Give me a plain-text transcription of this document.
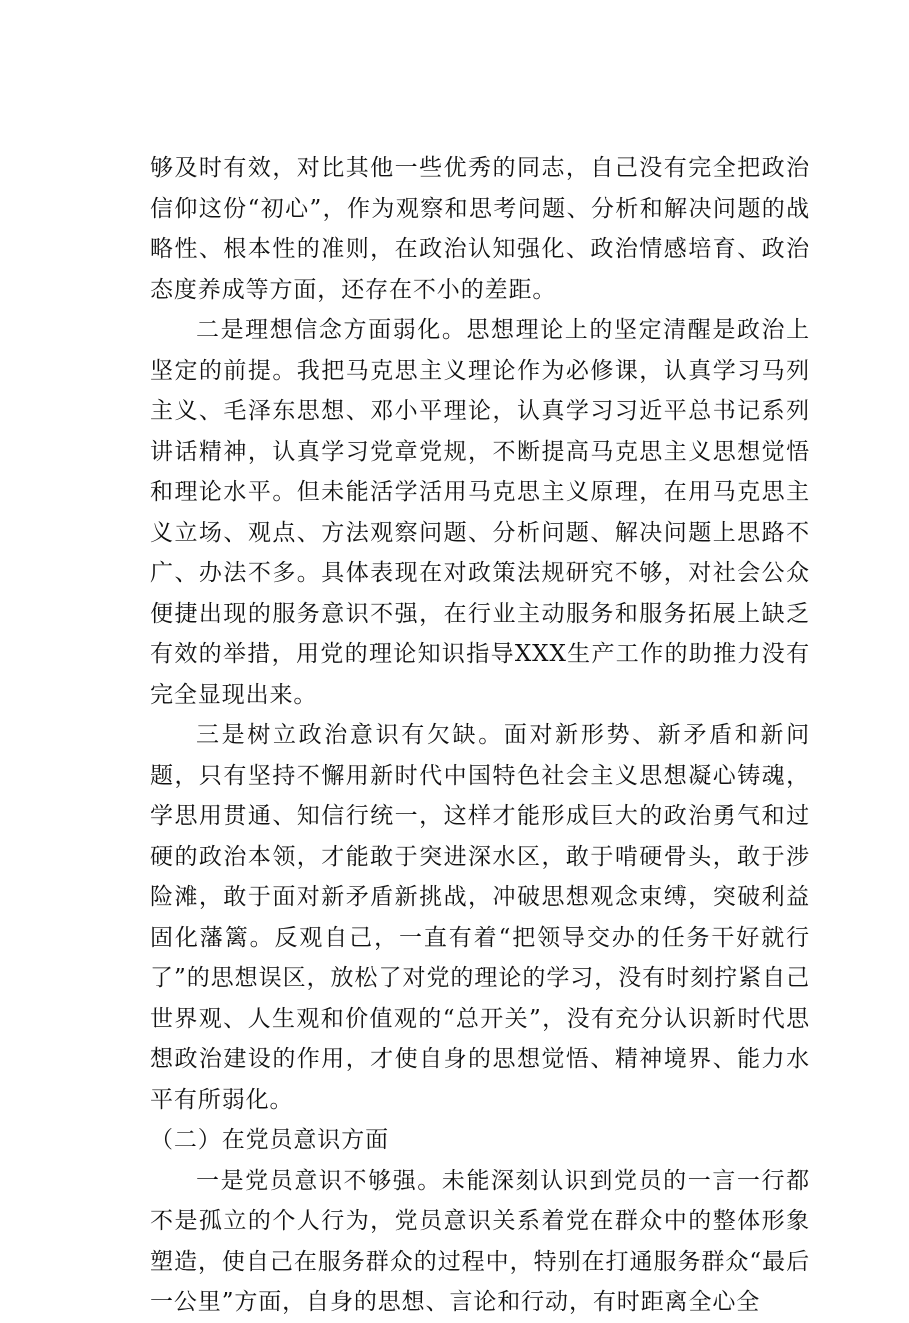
够及时有效，对比其他一些优秀的同志，自己没有完全把政治信仰这份“初心”，作为观察和思考问题、分析和解决问题的战略性、根本性的准则，在政治认知强化、政治情感培育、政治态度养成等方面，还存在不小的差距。

二是理想信念方面弱化。思想理论上的坚定清醒是政治上坚定的前提。我把马克思主义理论作为必修课，认真学习马列主义、毛泽东思想、邓小平理论，认真学习习近平总书记系列讲话精神，认真学习党章党规，不断提高马克思主义思想觉悟和理论水平。但未能活学活用马克思主义原理，在用马克思主义立场、观点、方法观察问题、分析问题、解决问题上思路不广、办法不多。具体表现在对政策法规研究不够，对社会公众便捷出现的服务意识不强，在行业主动服务和服务拓展上缺乏有效的举措，用党的理论知识指导XXX生产工作的助推力没有完全显现出来。

三是树立政治意识有欠缺。面对新形势、新矛盾和新问题，只有坚持不懈用新时代中国特色社会主义思想凝心铸魂，学思用贯通、知信行统一，这样才能形成巨大的政治勇气和过硬的政治本领，才能敢于突进深水区，敢于啃硬骨头，敢于涉险滩，敢于面对新矛盾新挑战，冲破思想观念束缚，突破利益固化藩篱。反观自己，一直有着“把领导交办的任务干好就行了”的思想误区，放松了对党的理论的学习，没有时刻拧紧自己世界观、人生观和价值观的“总开关”，没有充分认识新时代思想政治建设的作用，才使自身的思想觉悟、精神境界、能力水平有所弱化。

（二）在党员意识方面

一是党员意识不够强。未能深刻认识到党员的一言一行都不是孤立的个人行为，党员意识关系着党在群众中的整体形象塑造，使自己在服务群众的过程中，特别在打通服务群众“最后一公里”方面，自身的思想、言论和行动，有时距离全心全
